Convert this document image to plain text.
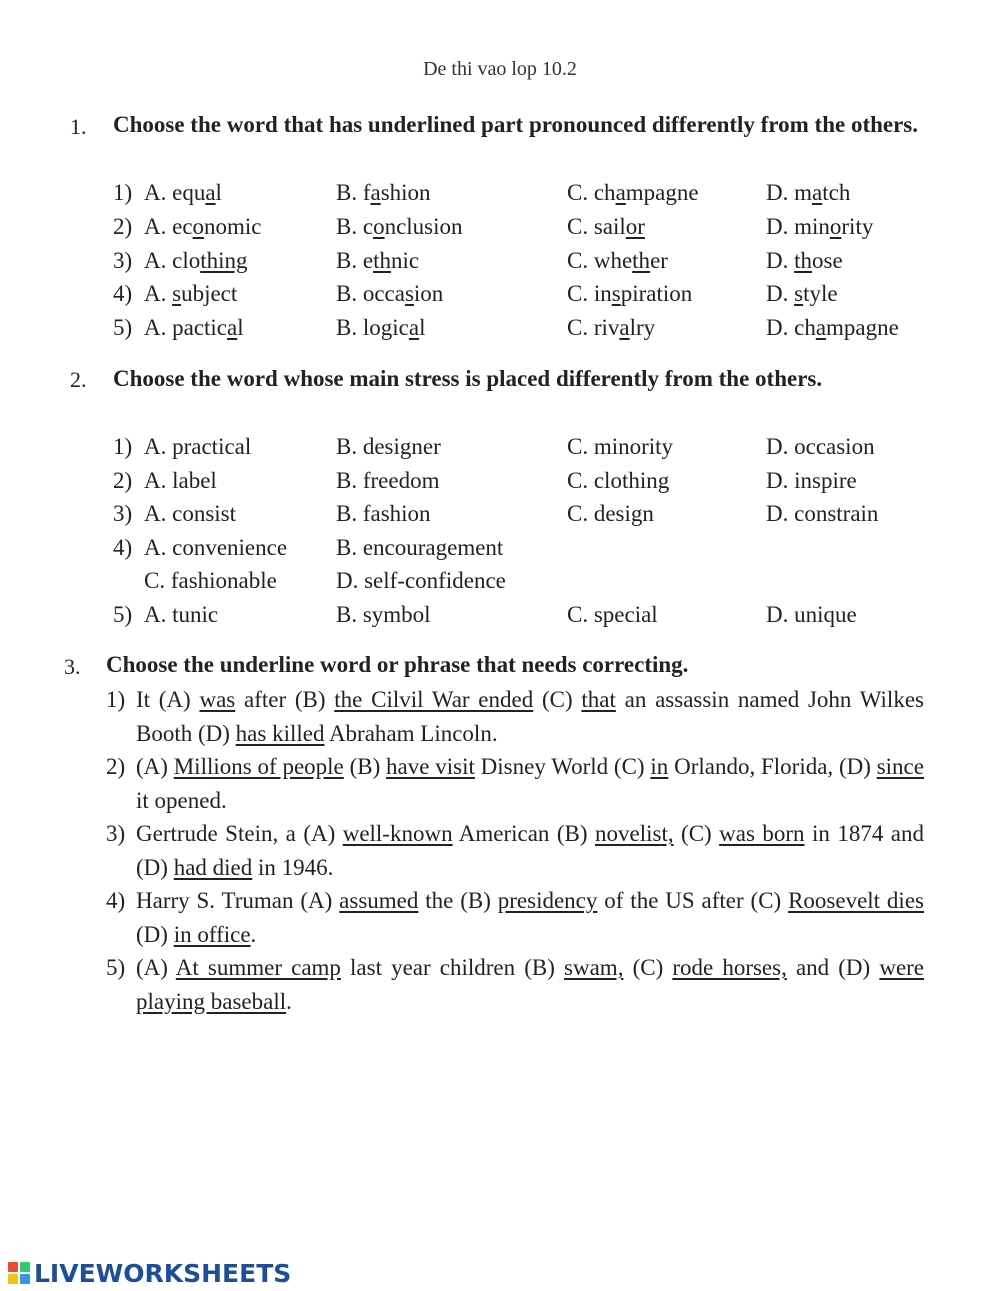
De thi vao lop 10.2
1. Choose the word that has underlined part pronounced differently from the others.
1) A. equal	B. fashion	C. champagne	D. match
2) A. economic	B. conclusion	C. sailor	D. minority
3) A. clothing	B. ethnic	C. whether	D. those
4) A. subject	B. occasion	C. inspiration	D. style
5) A. pactical	B. logical	C. rivalry	D. champagne
2. Choose the word whose main stress is placed differently from the others.
1) A. practical	B. designer	C. minority	D. occasion
2) A. label	B. freedom	C. clothing	D. inspire
3) A. consist	B. fashion	C. design	D. constrain
4) A. convenience B. encouragement
C. fashionable	D. self-confidence
5) A. tunic	B. symbol	C. special	D. unique
3. Choose the underline word or phrase that needs correcting.
1) It (A) was after (B) the Cilvil War ended (C) that an assassin named John Wilkes Booth (D) has killed Abraham Lincoln.
2) (A) Millions of people (B) have visit Disney World (C) in Orlando, Florida, (D) since it opened.
3) Gertrude Stein, a (A) well-known American (B) novelist, (C) was born in 1874 and (D) had died in 1946.
4) Harry S. Truman (A) assumed the (B) presidency of the US after (C) Roosevelt dies (D) in office.
5) (A) At summer camp last year children (B) swam, (C) rode horses, and (D) were playing baseball.
LIVEWORKSHEETS
